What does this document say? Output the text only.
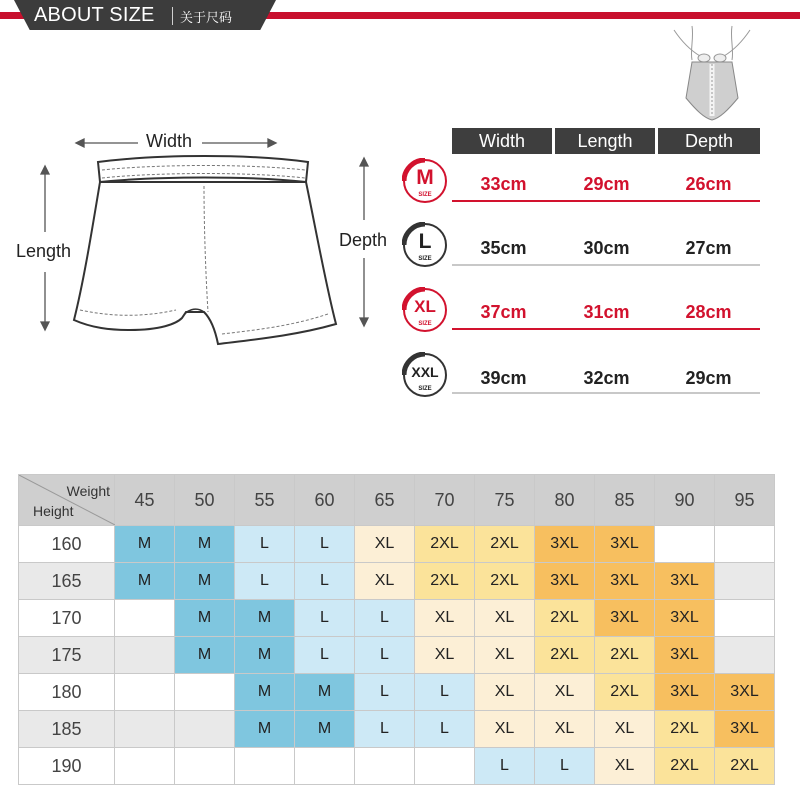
ABOUT SIZE 关于尺码
Width
Length
Depth
Width	Length	Depth
M
SIZE
33cm	29cm	26cm
L
SIZE
35cm	30cm	27cm
XL
SIZE
37cm	31cm	28cm
XXL
SIZE
39cm	32cm	29cm
Weight
Height	45	50	55	60	65	70	75	80	85	90	95
160	M	M	L	L	XL	2XL	2XL	3XL	3XL		
165	M	M	L	L	XL	2XL	2XL	3XL	3XL	3XL	
170		M	M	L	L	XL	XL	2XL	3XL	3XL	
175		M	M	L	L	XL	XL	2XL	2XL	3XL	
180			M	M	L	L	XL	XL	2XL	3XL	3XL
185			M	M	L	L	XL	XL	XL	2XL	3XL
190							L	L	XL	2XL	2XL
